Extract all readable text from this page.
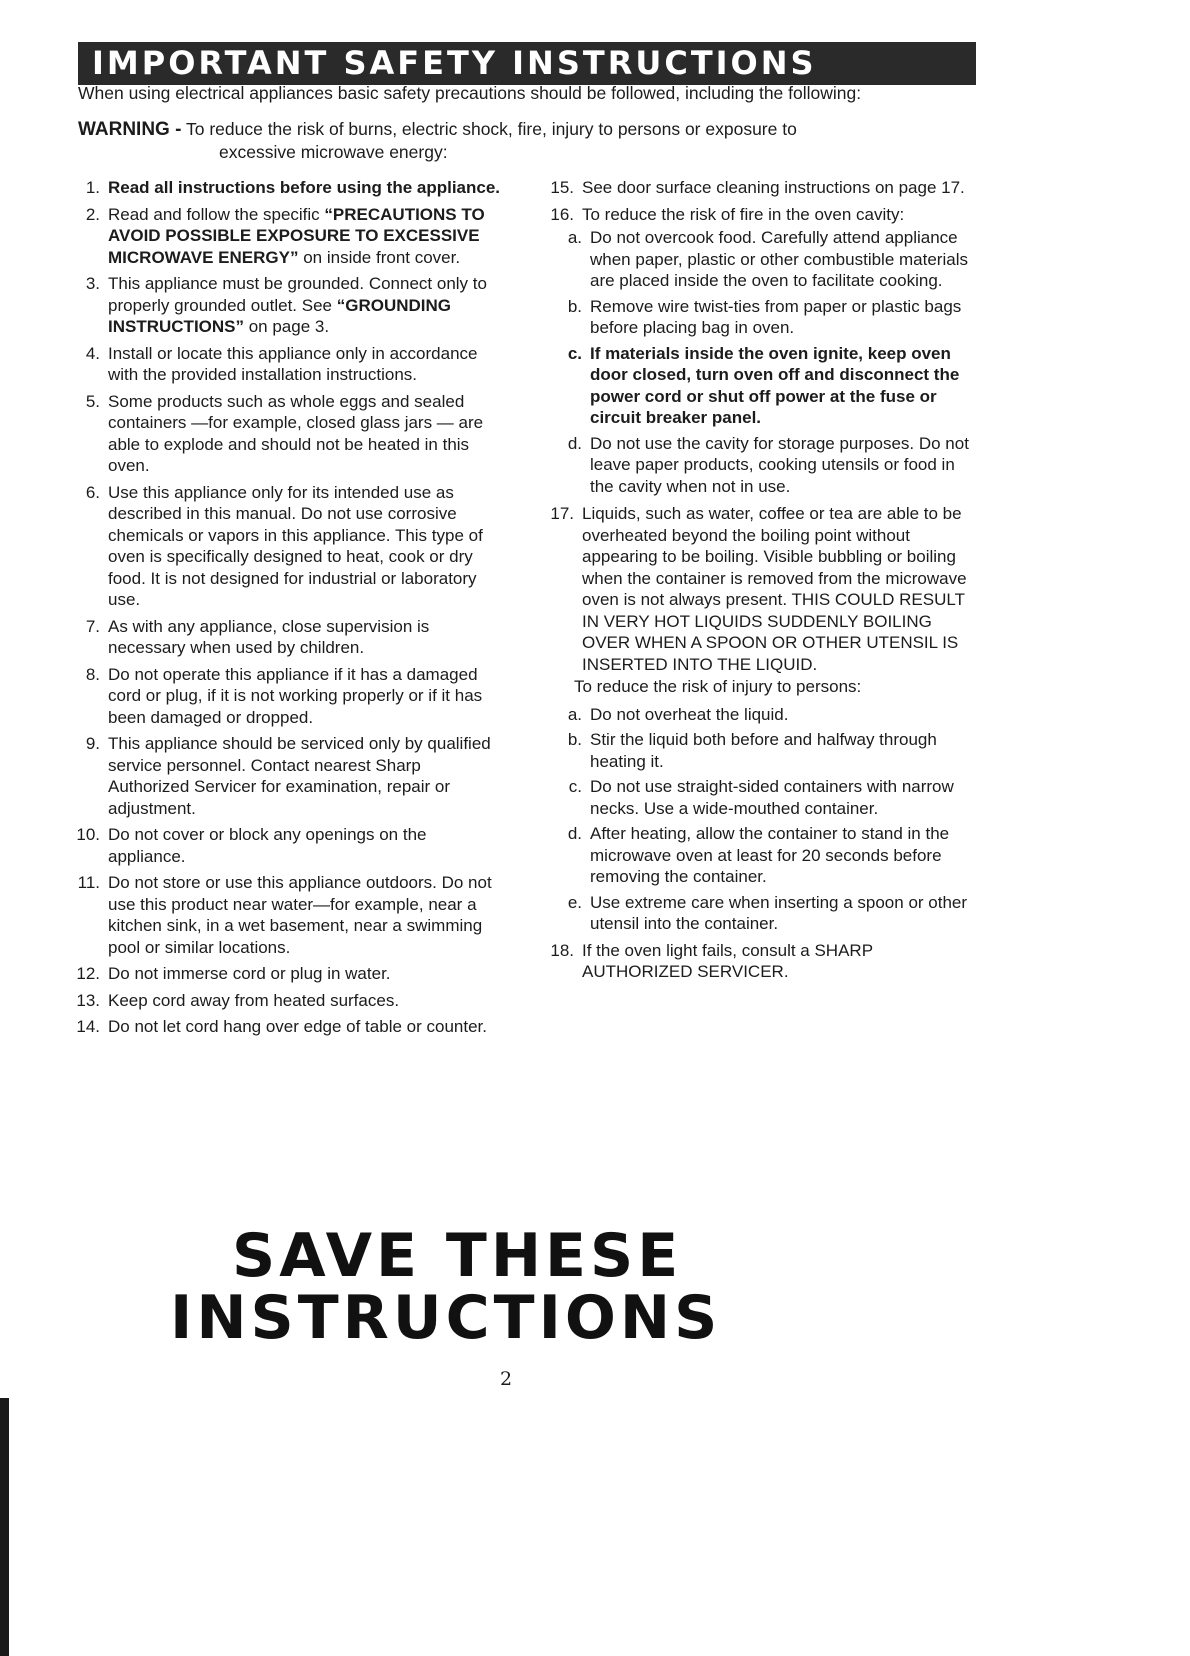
IMPORTANT SAFETY INSTRUCTIONS
When using electrical appliances basic safety precautions should be followed, including the following:
WARNING - To reduce the risk of burns, electric shock, fire, injury to persons or exposure to
excessive microwave energy:
1. Read all instructions before using the appliance.
2. Read and follow the specific “PRECAUTIONS TO AVOID POSSIBLE EXPOSURE TO EXCESSIVE MICROWAVE ENERGY” on inside front cover.
3. This appliance must be grounded. Connect only to properly grounded outlet. See “GROUNDING INSTRUCTIONS” on page 3.
4. Install or locate this appliance only in accordance with the provided installation instructions.
5. Some products such as whole eggs and sealed containers —for example, closed glass jars — are able to explode and should not be heated in this oven.
6. Use this appliance only for its intended use as described in this manual. Do not use corrosive chemicals or vapors in this appliance. This type of oven is specifically designed to heat, cook or dry food. It is not designed for industrial or laboratory use.
7. As with any appliance, close supervision is necessary when used by children.
8. Do not operate this appliance if it has a damaged cord or plug, if it is not working properly or if it has been damaged or dropped.
9. This appliance should be serviced only by qualified service personnel. Contact nearest Sharp Authorized Servicer for examination, repair or adjustment.
10. Do not cover or block any openings on the appliance.
11. Do not store or use this appliance outdoors. Do not use this product near water—for example, near a kitchen sink, in a wet basement, near a swimming pool or similar locations.
12. Do not immerse cord or plug in water.
13. Keep cord away from heated surfaces.
14. Do not let cord hang over edge of table or counter.
15. See door surface cleaning instructions on page 17.
16. To reduce the risk of fire in the oven cavity:
a. Do not overcook food. Carefully attend appliance when paper, plastic or other combustible materials are placed inside the oven to facilitate cooking.
b. Remove wire twist-ties from paper or plastic bags before placing bag in oven.
c. If materials inside the oven ignite, keep oven door closed, turn oven off and disconnect the power cord or shut off power at the fuse or circuit breaker panel.
d. Do not use the cavity for storage purposes. Do not leave paper products, cooking utensils or food in the cavity when not in use.
17. Liquids, such as water, coffee or tea are able to be overheated beyond the boiling point without appearing to be boiling. Visible bubbling or boiling when the container is removed from the microwave oven is not always present. THIS COULD RESULT IN VERY HOT LIQUIDS SUDDENLY BOILING OVER WHEN A SPOON OR OTHER UTENSIL IS INSERTED INTO THE LIQUID.
To reduce the risk of injury to persons:
a. Do not overheat the liquid.
b. Stir the liquid both before and halfway through heating it.
c. Do not use straight-sided containers with narrow necks. Use a wide-mouthed container.
d. After heating, allow the container to stand in the microwave oven at least for 20 seconds before removing the container.
e. Use extreme care when inserting a spoon or other utensil into the container.
18. If the oven light fails, consult a SHARP AUTHORIZED SERVICER.
SAVE THESE
INSTRUCTIONS
2
